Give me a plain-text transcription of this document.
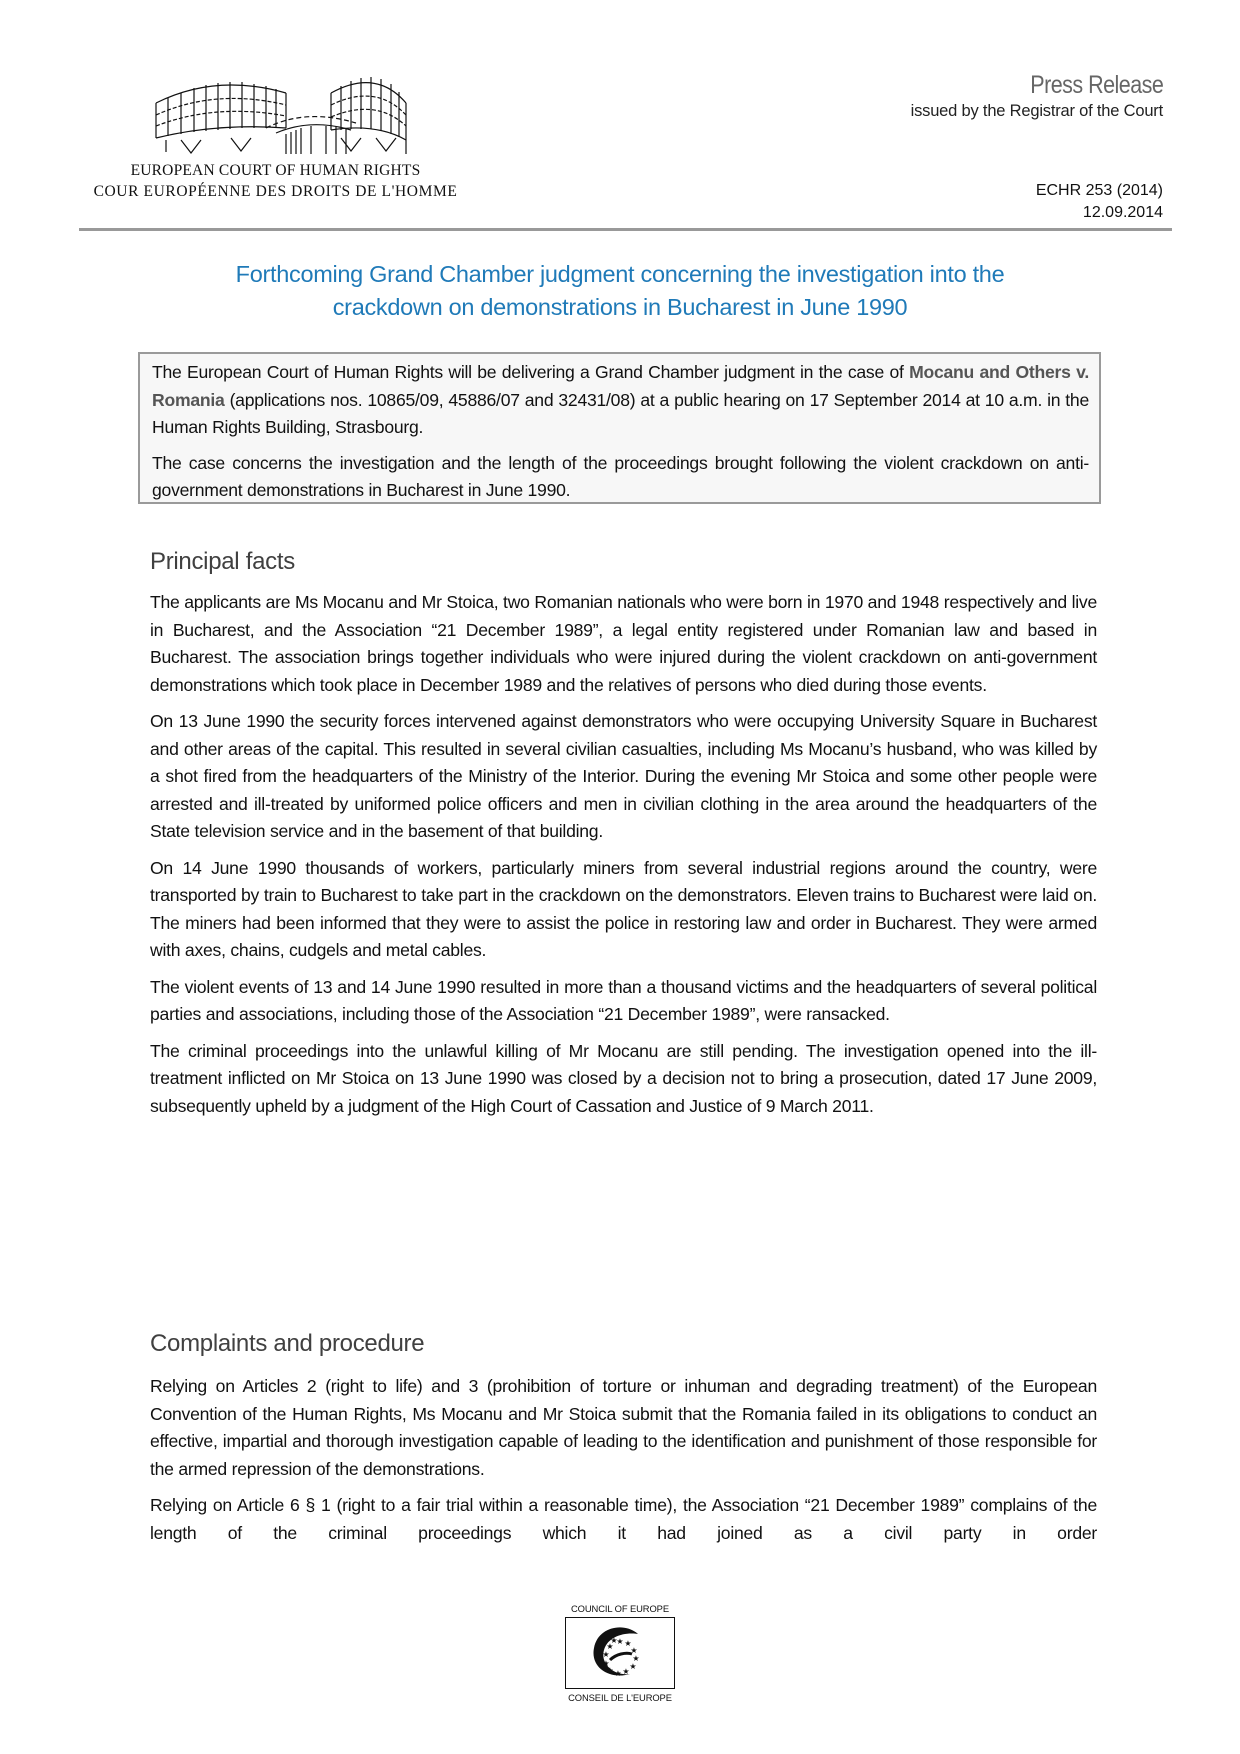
EUROPEAN COURT OF HUMAN RIGHTS
COUR EUROPÉENNE DES DROITS DE L'HOMME
Press Release
issued by the Registrar of the Court
ECHR 253 (2014)
12.09.2014
Forthcoming Grand Chamber judgment concerning the investigation into the
crackdown on demonstrations in Bucharest in June 1990

The European Court of Human Rights will be delivering a Grand Chamber judgment in the case of Mocanu and Others v. Romania (applications nos. 10865/09, 45886/07 and 32431/08) at a public hearing on 17 September 2014 at 10 a.m. in the Human Rights Building, Strasbourg.

The case concerns the investigation and the length of the proceedings brought following the violent crackdown on anti-government demonstrations in Bucharest in June 1990.

Principal facts

The applicants are Ms Mocanu and Mr Stoica, two Romanian nationals who were born in 1970 and 1948 respectively and live in Bucharest, and the Association “21 December 1989”, a legal entity registered under Romanian law and based in Bucharest. The association brings together individuals who were injured during the violent crackdown on anti-government demonstrations which took place in December 1989 and the relatives of persons who died during those events.

On 13 June 1990 the security forces intervened against demonstrators who were occupying University Square in Bucharest and other areas of the capital. This resulted in several civilian casualties, including Ms Mocanu’s husband, who was killed by a shot fired from the headquarters of the Ministry of the Interior. During the evening Mr Stoica and some other people were arrested and ill-treated by uniformed police officers and men in civilian clothing in the area around the headquarters of the State television service and in the basement of that building.

On 14 June 1990 thousands of workers, particularly miners from several industrial regions around the country, were transported by train to Bucharest to take part in the crackdown on the demonstrators. Eleven trains to Bucharest were laid on. The miners had been informed that they were to assist the police in restoring law and order in Bucharest. They were armed with axes, chains, cudgels and metal cables.

The violent events of 13 and 14 June 1990 resulted in more than a thousand victims and the headquarters of several political parties and associations, including those of the Association “21 December 1989”, were ransacked.

The criminal proceedings into the unlawful killing of Mr Mocanu are still pending. The investigation opened into the ill-treatment inflicted on Mr Stoica on 13 June 1990 was closed by a decision not to bring a prosecution, dated 17 June 2009, subsequently upheld by a judgment of the High Court of Cassation and Justice of 9 March 2011.

Complaints and procedure

Relying on Articles 2 (right to life) and 3 (prohibition of torture or inhuman and degrading treatment) of the European Convention of the Human Rights, Ms Mocanu and Mr Stoica submit that the Romania failed in its obligations to conduct an effective, impartial and thorough investigation capable of leading to the identification and punishment of those responsible for the armed repression of the demonstrations.

Relying on Article 6 § 1 (right to a fair trial within a reasonable time), the Association “21 December 1989” complains of the length of the criminal proceedings which it had joined as a civil party in order

COUNCIL OF EUROPE
★ ★
★
★
★
★
★
★
★
★
★
★
CONSEIL DE L'EUROPE
